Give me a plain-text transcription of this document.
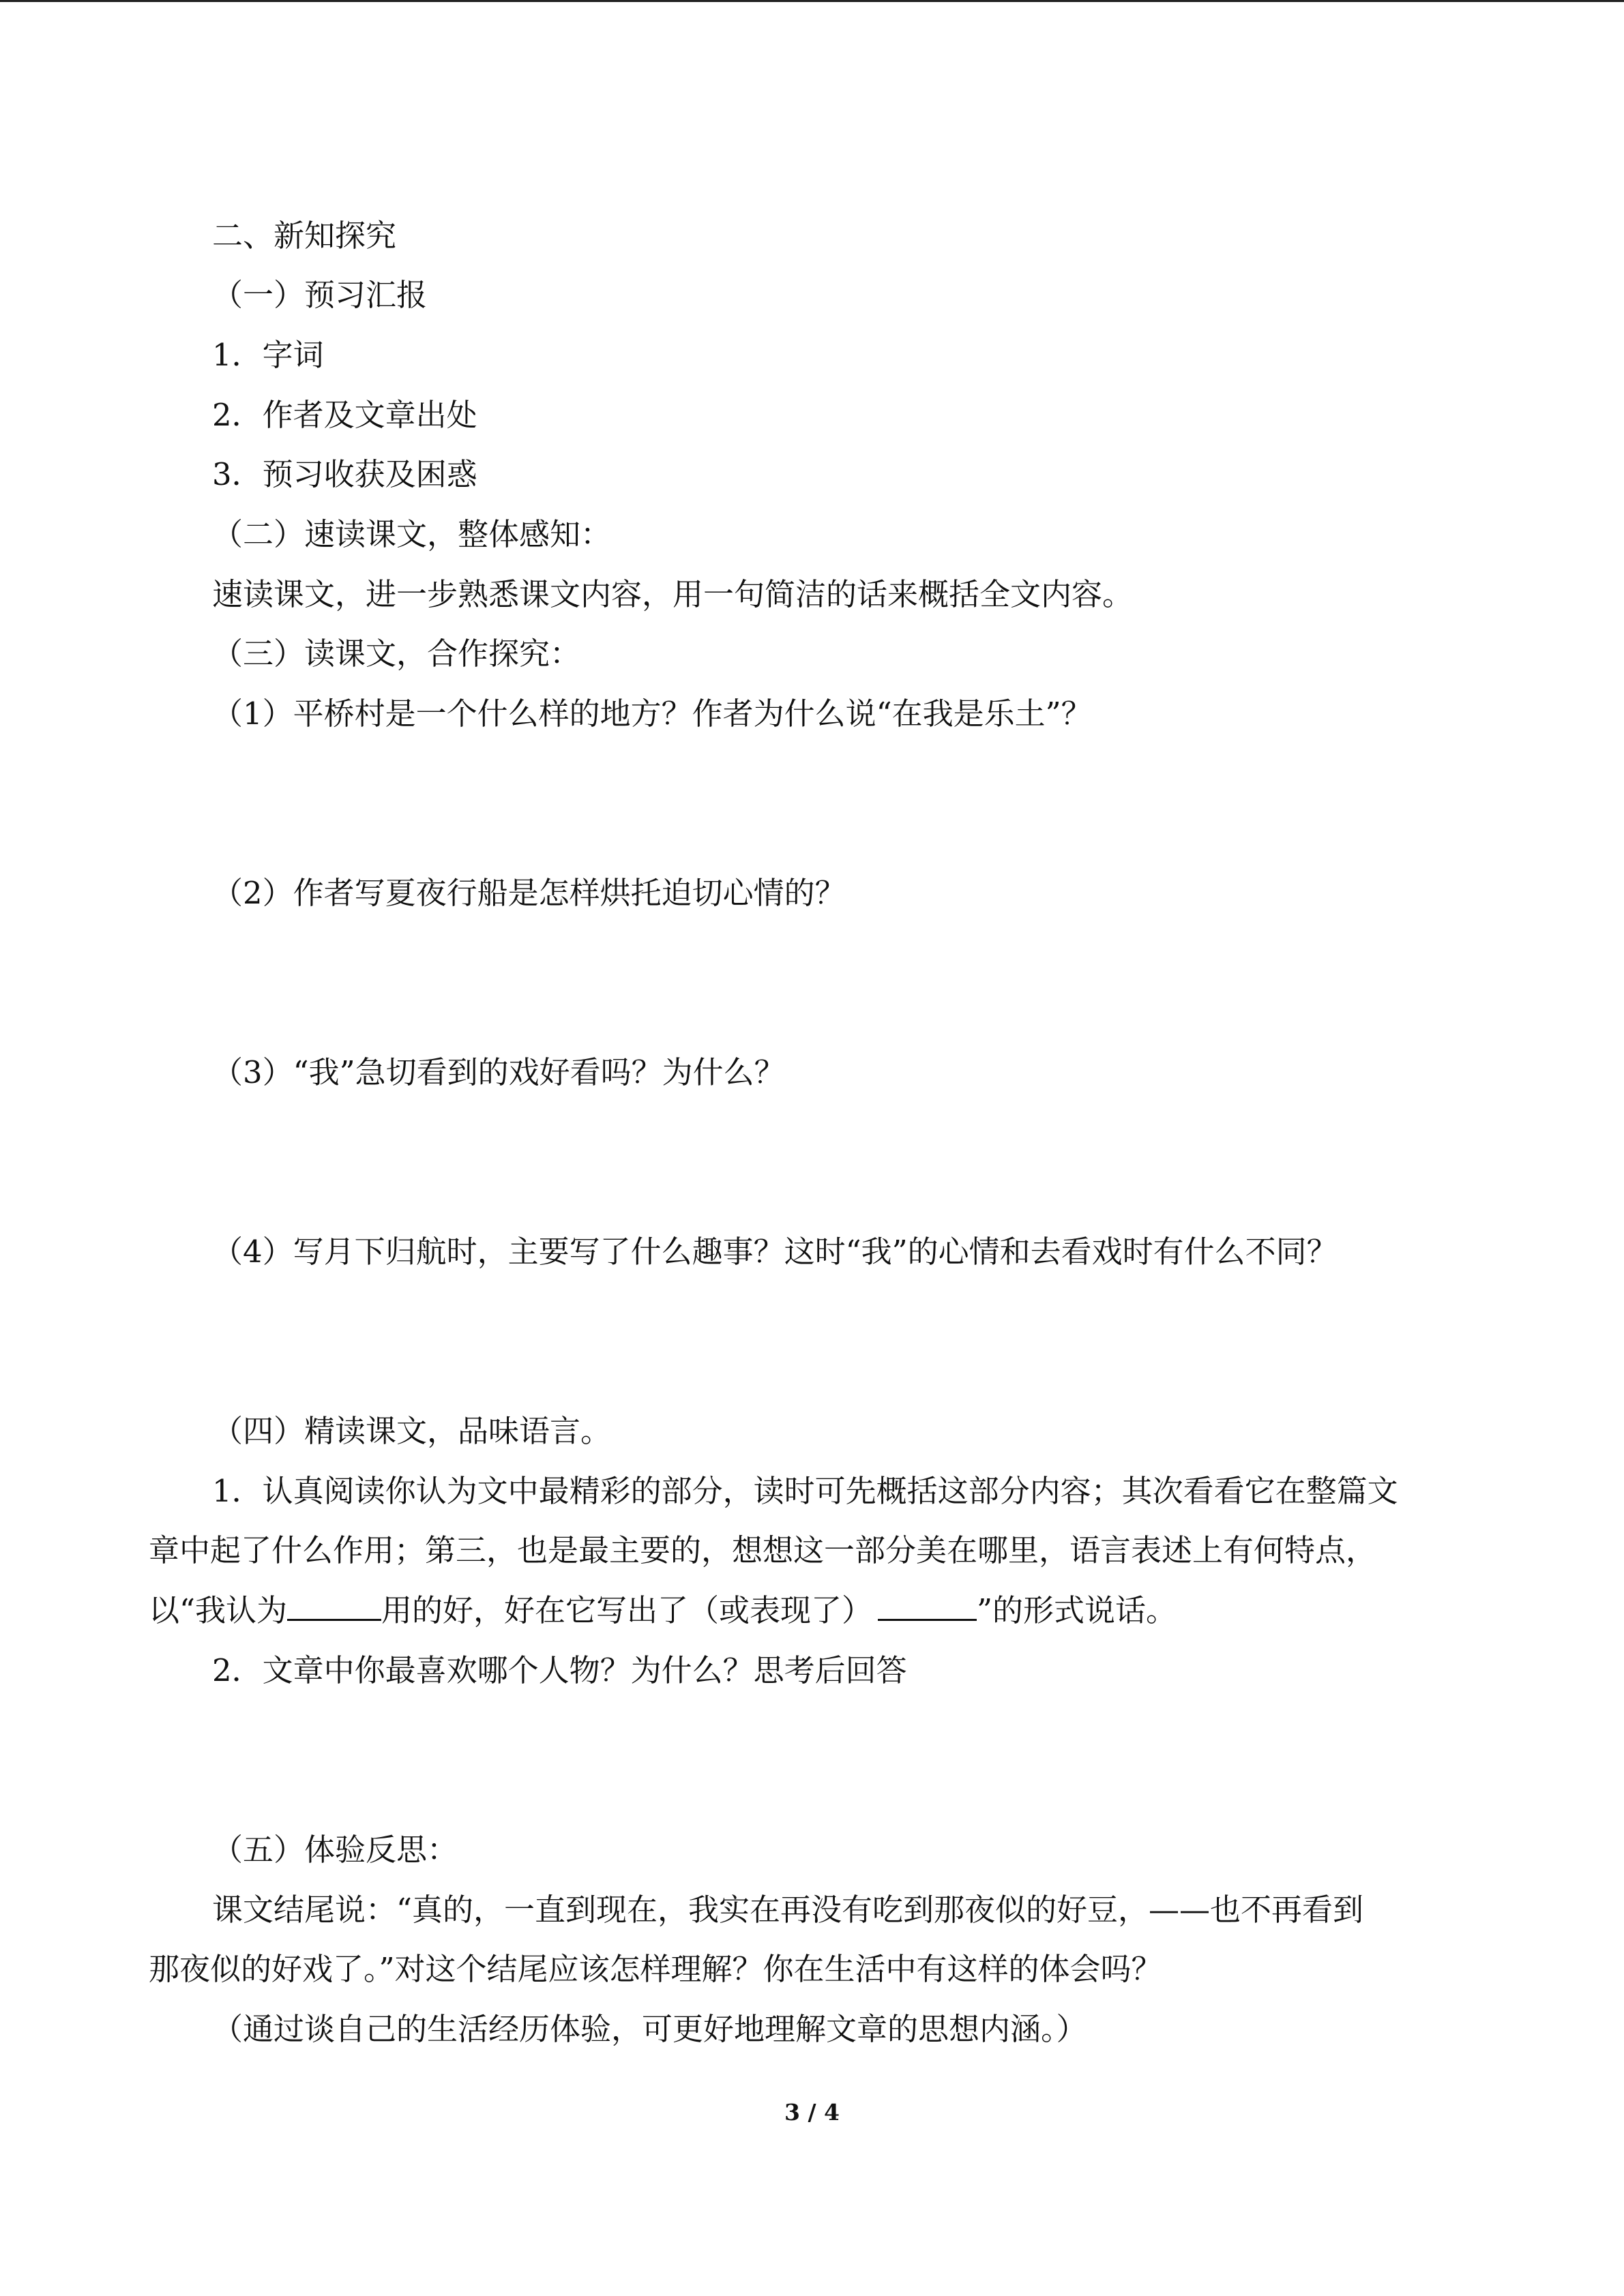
二、新知探究
（一）预习汇报
1．字词
2．作者及文章出处
3．预习收获及困惑
（二）速读课文，整体感知：
速读课文，进一步熟悉课文内容，用一句简洁的话来概括全文内容。
（三）读课文，合作探究：
（1）平桥村是一个什么样的地方？作者为什么说“在我是乐土”？
（2）作者写夏夜行船是怎样烘托迫切心情的？
（3）“我”急切看到的戏好看吗？为什么？
（4）写月下归航时，主要写了什么趣事？这时“我”的心情和去看戏时有什么不同？
（四）精读课文，品味语言。
1．认真阅读你认为文中最精彩的部分，读时可先概括这部分内容；其次看看它在整篇文
章中起了什么作用；第三，也是最主要的，想想这一部分美在哪里，语言表述上有何特点，
以“我认为	用的好，好在它写出了（或表现了）	”的形式说话。
2．文章中你最喜欢哪个人物？为什么？思考后回答
（五）体验反思：
课文结尾说：“真的，一直到现在，我实在再没有吃到那夜似的好豆，——也不再看到
那夜似的好戏了。”对这个结尾应该怎样理解？你在生活中有这样的体会吗？
（通过谈自己的生活经历体验，可更好地理解文章的思想内涵。）
3 / 4
